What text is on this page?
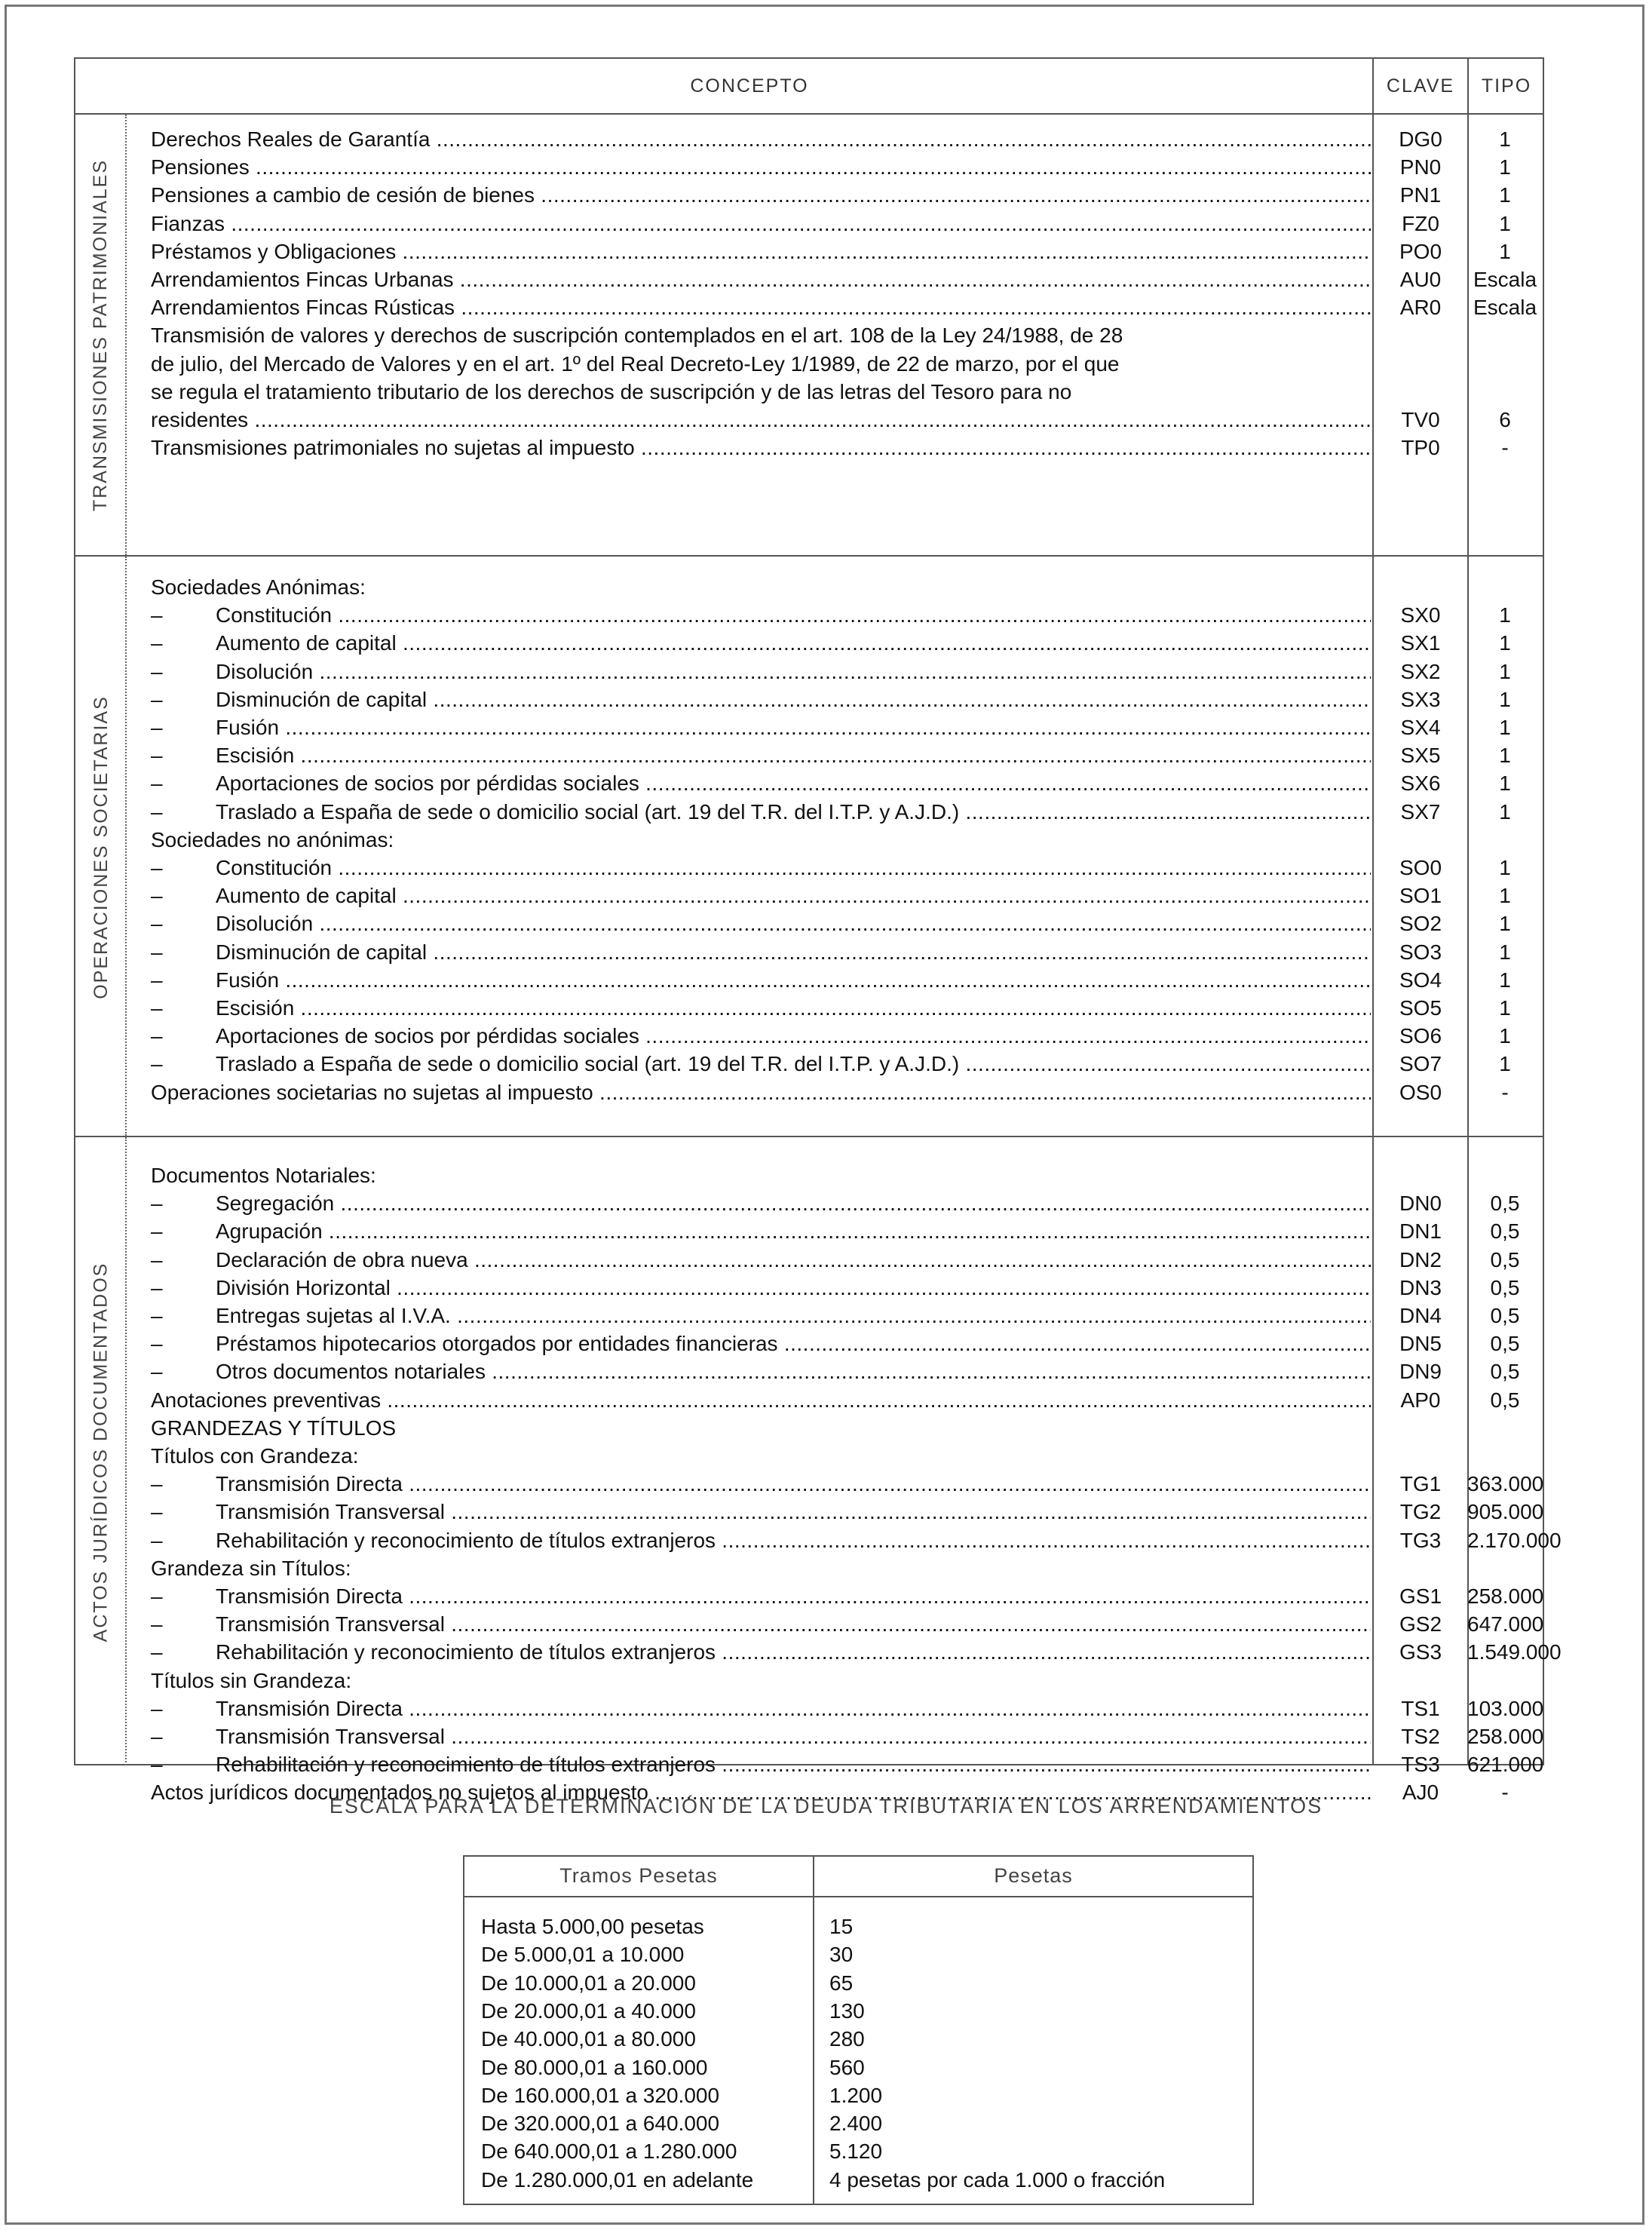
CONCEPTO	CLAVE	TIPO
TRANSMISIONES PATRIMONIALES
Derechos Reales de Garantía .....	DG0	1
Pensiones .....	PN0	1
Pensiones a cambio de cesión de bienes .....	PN1	1
Fianzas .....	FZ0	1
Préstamos y Obligaciones .....	PO0	1
Arrendamientos Fincas Urbanas .....	AU0	Escala
Arrendamientos Fincas Rústicas .....	AR0	Escala
Transmisión de valores y derechos de suscripción contemplados en el art. 108 de la Ley 24/1988, de 28
de julio, del Mercado de Valores y en el art. 1º del Real Decreto-Ley 1/1989, de 22 de marzo, por el que
se regula el tratamiento tributario de los derechos de suscripción y de las letras del Tesoro para no
residentes .....	TV0	6
Transmisiones patrimoniales no sujetas al impuesto .....	TP0	-
OPERACIONES SOCIETARIAS
Sociedades Anónimas:
–	Constitución .....	SX0	1
–	Aumento de capital .....	SX1	1
–	Disolución .....	SX2	1
–	Disminución de capital .....	SX3	1
–	Fusión .....	SX4	1
–	Escisión .....	SX5	1
–	Aportaciones de socios por pérdidas sociales .....	SX6	1
–	Traslado a España de sede o domicilio social (art. 19 del T.R. del I.T.P. y A.J.D.) .....	SX7	1
Sociedades no anónimas:
–	Constitución .....	SO0	1
–	Aumento de capital .....	SO1	1
–	Disolución .....	SO2	1
–	Disminución de capital .....	SO3	1
–	Fusión .....	SO4	1
–	Escisión .....	SO5	1
–	Aportaciones de socios por pérdidas sociales .....	SO6	1
–	Traslado a España de sede o domicilio social (art. 19 del T.R. del I.T.P. y A.J.D.) .....	SO7	1
Operaciones societarias no sujetas al impuesto .....	OS0	-
ACTOS JURÍDICOS DOCUMENTADOS
Documentos Notariales:
–	Segregación .....	DN0	0,5
–	Agrupación .....	DN1	0,5
–	Declaración de obra nueva .....	DN2	0,5
–	División Horizontal .....	DN3	0,5
–	Entregas sujetas al I.V.A. .....	DN4	0,5
–	Préstamos hipotecarios otorgados por entidades financieras .....	DN5	0,5
–	Otros documentos notariales .....	DN9	0,5
Anotaciones preventivas .....	AP0	0,5
GRANDEZAS Y TÍTULOS
Títulos con Grandeza:
–	Transmisión Directa .....	TG1	363.000
–	Transmisión Transversal .....	TG2	905.000
–	Rehabilitación y reconocimiento de títulos extranjeros .....	TG3	2.170.000
Grandeza sin Títulos:
–	Transmisión Directa .....	GS1	258.000
–	Transmisión Transversal .....	GS2	647.000
–	Rehabilitación y reconocimiento de títulos extranjeros .....	GS3	1.549.000
Títulos sin Grandeza:
–	Transmisión Directa .....	TS1	103.000
–	Transmisión Transversal .....	TS2	258.000
–	Rehabilitación y reconocimiento de títulos extranjeros .....	TS3	621.000
Actos jurídicos documentados no sujetos al impuesto .....	AJ0	-
ESCALA PARA LA DETERMINACIÓN DE LA DEUDA TRIBUTARIA EN LOS ARRENDAMIENTOS
Tramos Pesetas	Pesetas
Hasta 5.000,00 pesetas	15
De 5.000,01 a 10.000	30
De 10.000,01 a 20.000	65
De 20.000,01 a 40.000	130
De 40.000,01 a 80.000	280
De 80.000,01 a 160.000	560
De 160.000,01 a 320.000	1.200
De 320.000,01 a 640.000	2.400
De 640.000,01 a 1.280.000	5.120
De 1.280.000,01 en adelante	4 pesetas por cada 1.000 o fracción
